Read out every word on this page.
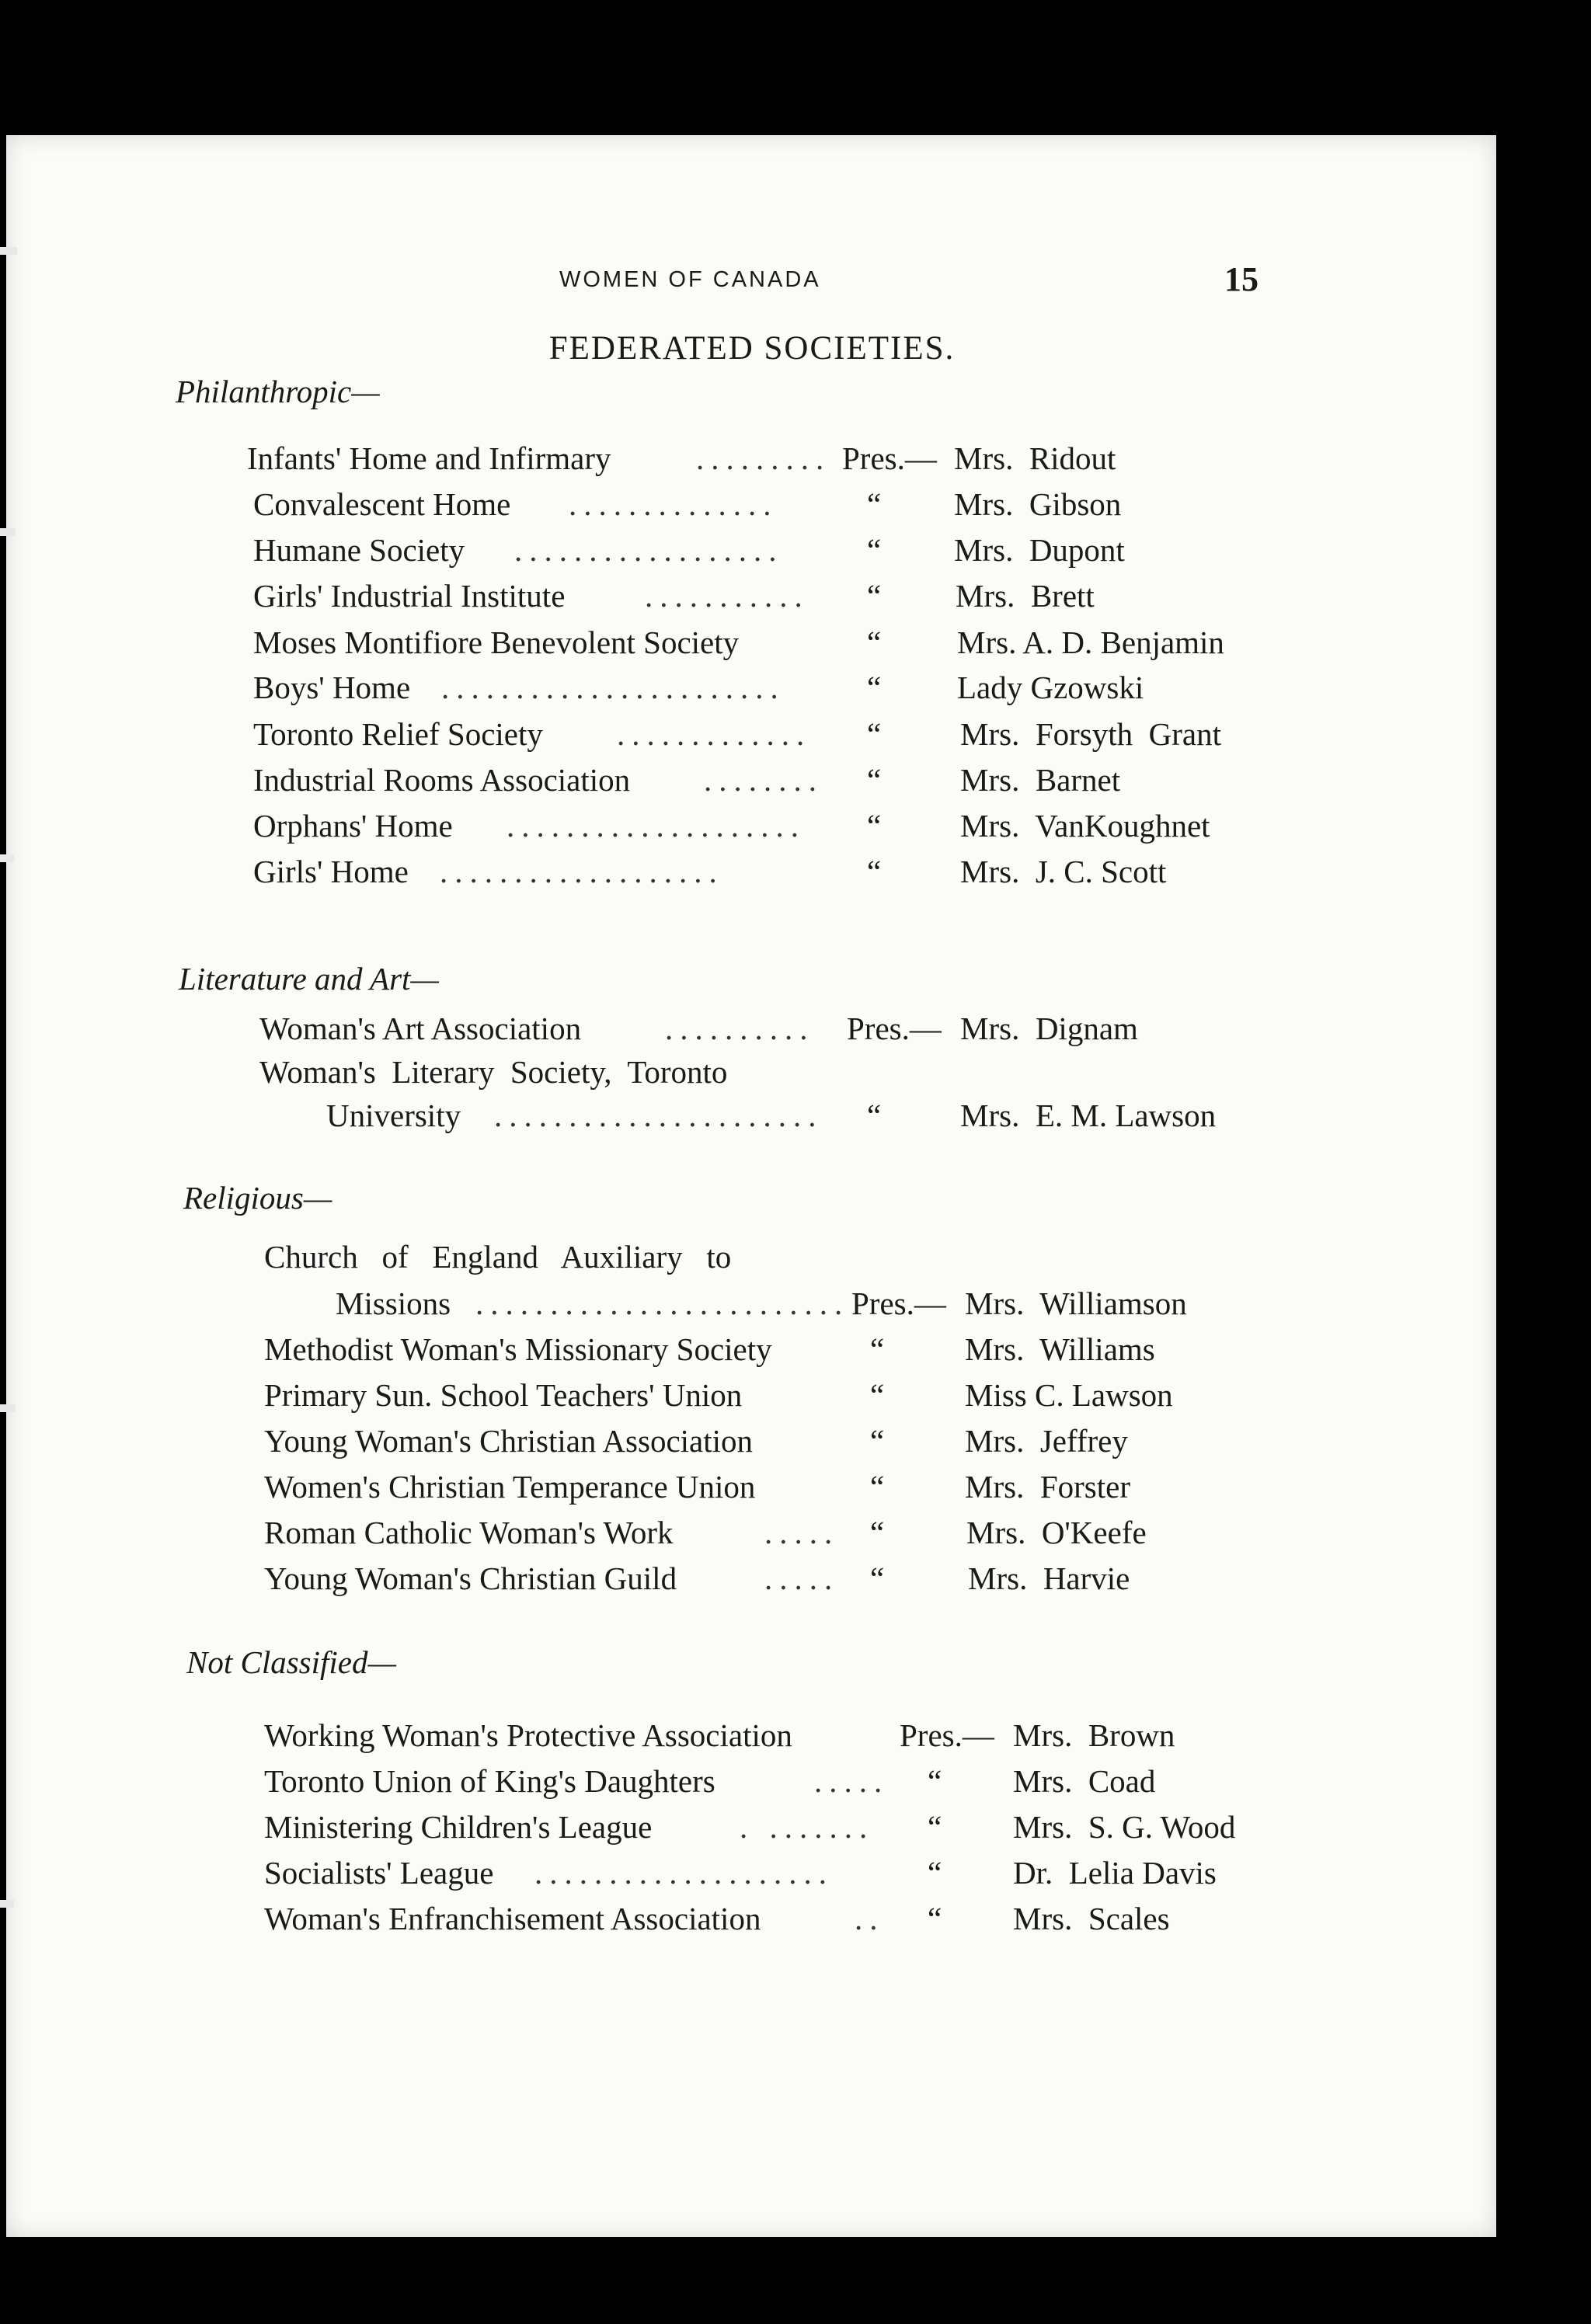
WOMEN OF CANADA	15
FEDERATED SOCIETIES.
Philanthropic—
Infants' Home and Infirmary	......... Pres.— Mrs.  Ridout
Convalescent Home ..............	“ Mrs.  Gibson
Humane Society ..................	“ Mrs.  Dupont
Girls' Industrial Institute	........... “ Mrs.  Brett
Moses Montifiore Benevolent Society	“ Mrs. A. D. Benjamin
Boys' Home .......................	“ Lady Gzowski
Toronto Relief Society ............. “ Mrs.  Forsyth  Grant
Industrial Rooms Association ........ “ Mrs.  Barnet
Orphans' Home .................... “ Mrs.  VanKoughnet
Girls' Home ...................	“ Mrs.  J. C. Scott
Literature and Art—
Woman's Art Association	.......... Pres.— Mrs.  Dignam
Woman's  Literary  Society,  Toronto
University ...................... “ Mrs.  E. M. Lawson
Religious—
Church   of   England   Auxiliary   to
Missions ......................... Pres.— Mrs.  Williamson
Methodist Woman's Missionary Society	“	Mrs.  Williams
Primary Sun. School Teachers' Union	“	Miss C. Lawson
Young Woman's Christian Association	“	Mrs.  Jeffrey
Women's Christian Temperance Union	“	Mrs.  Forster
Roman Catholic Woman's Work	..... “	Mrs.  O'Keefe
Young Woman's Christian Guild	..... “	Mrs.  Harvie
Not Classified—
Working Woman's Protective Association	Pres.— Mrs.  Brown
Toronto Union of King's Daughters	..... “ Mrs.  Coad
Ministering Children's League	. ....... “ Mrs.  S. G. Wood
Socialists' League ....................	“ Dr.  Lelia Davis
Woman's Enfranchisement Association	.. “ Mrs.  Scales
